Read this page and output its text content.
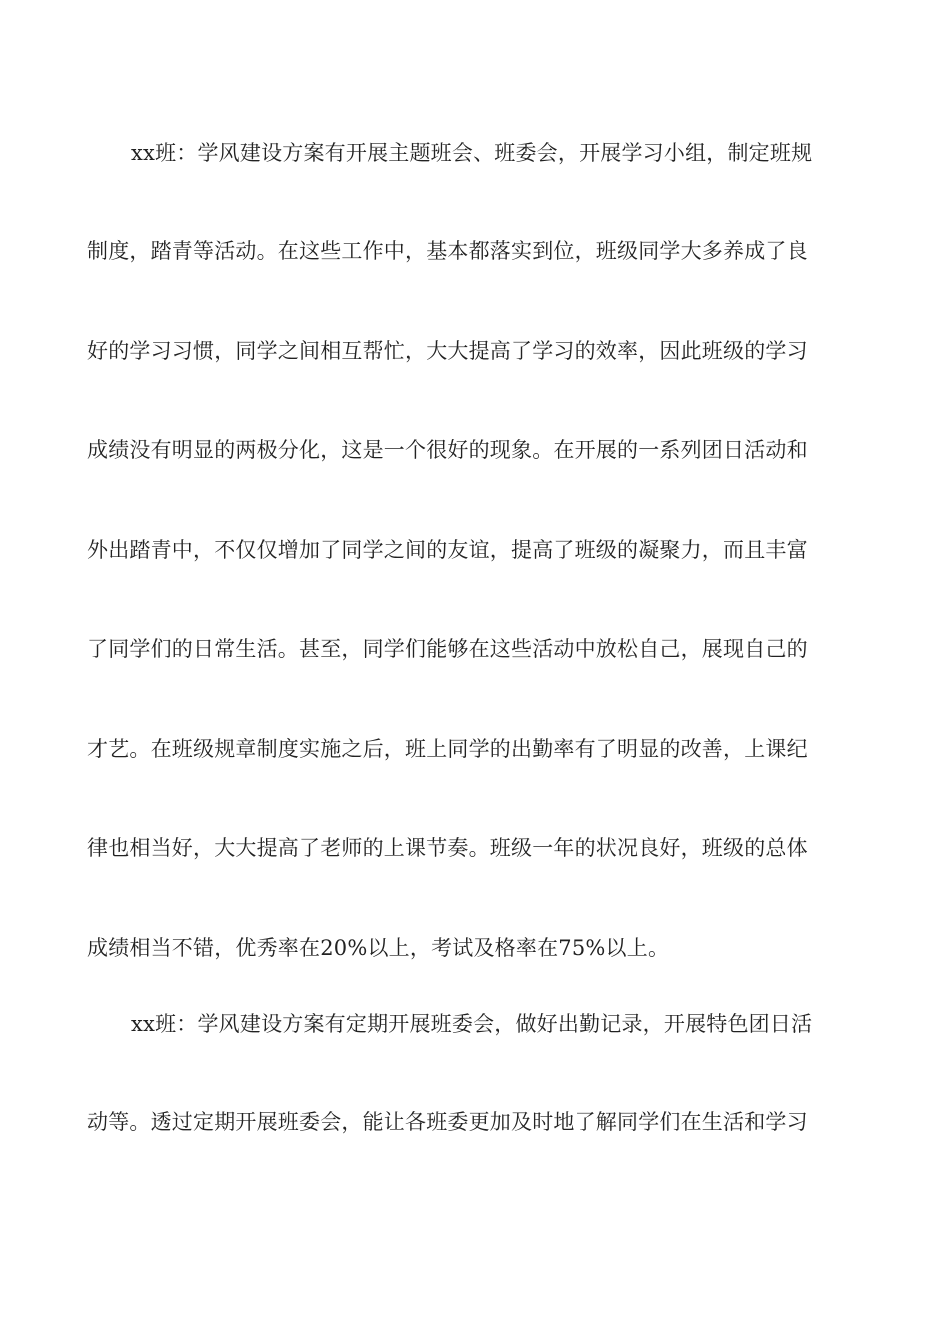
xx班：学风建设方案有开展主题班会、班委会，开展学习小组，制定班规
制度，踏青等活动。在这些工作中，基本都落实到位，班级同学大多养成了良
好的学习习惯，同学之间相互帮忙，大大提高了学习的效率，因此班级的学习
成绩没有明显的两极分化，这是一个很好的现象。在开展的一系列团日活动和
外出踏青中，不仅仅增加了同学之间的友谊，提高了班级的凝聚力，而且丰富
了同学们的日常生活。甚至，同学们能够在这些活动中放松自己，展现自己的
才艺。在班级规章制度实施之后，班上同学的出勤率有了明显的改善，上课纪
律也相当好，大大提高了老师的上课节奏。班级一年的状况良好，班级的总体
成绩相当不错，优秀率在20%以上，考试及格率在75%以上。
xx班：学风建设方案有定期开展班委会，做好出勤记录，开展特色团日活
动等。透过定期开展班委会，能让各班委更加及时地了解同学们在生活和学习
